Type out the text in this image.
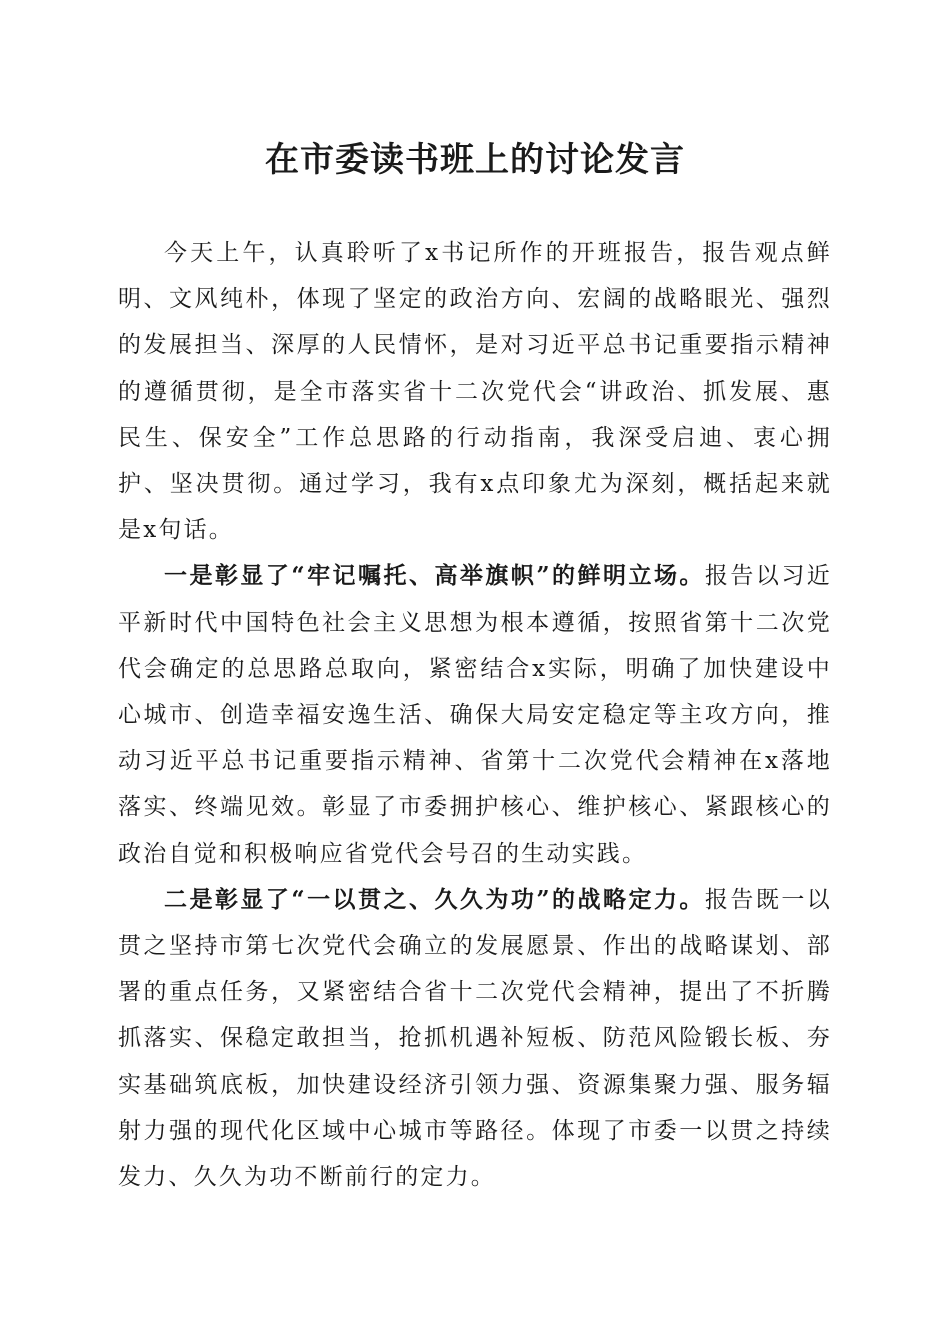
在市委读书班上的讨论发言

今天上午，认真聆听了x书记所作的开班报告，报告观点鲜明、文风纯朴，体现了坚定的政治方向、宏阔的战略眼光、强烈的发展担当、深厚的人民情怀，是对习近平总书记重要指示精神的遵循贯彻，是全市落实省十二次党代会“讲政治、抓发展、惠民生、保安全”工作总思路的行动指南，我深受启迪、衷心拥护、坚决贯彻。通过学习，我有x点印象尤为深刻，概括起来就是x句话。

一是彰显了“牢记嘱托、高举旗帜”的鲜明立场。报告以习近平新时代中国特色社会主义思想为根本遵循，按照省第十二次党代会确定的总思路总取向，紧密结合x实际，明确了加快建设中心城市、创造幸福安逸生活、确保大局安定稳定等主攻方向，推动习近平总书记重要指示精神、省第十二次党代会精神在x落地落实、终端见效。彰显了市委拥护核心、维护核心、紧跟核心的政治自觉和积极响应省党代会号召的生动实践。

二是彰显了“一以贯之、久久为功”的战略定力。报告既一以贯之坚持市第七次党代会确立的发展愿景、作出的战略谋划、部署的重点任务，又紧密结合省十二次党代会精神，提出了不折腾抓落实、保稳定敢担当，抢抓机遇补短板、防范风险锻长板、夯实基础筑底板，加快建设经济引领力强、资源集聚力强、服务辐射力强的现代化区域中心城市等路径。体现了市委一以贯之持续发力、久久为功不断前行的定力。
